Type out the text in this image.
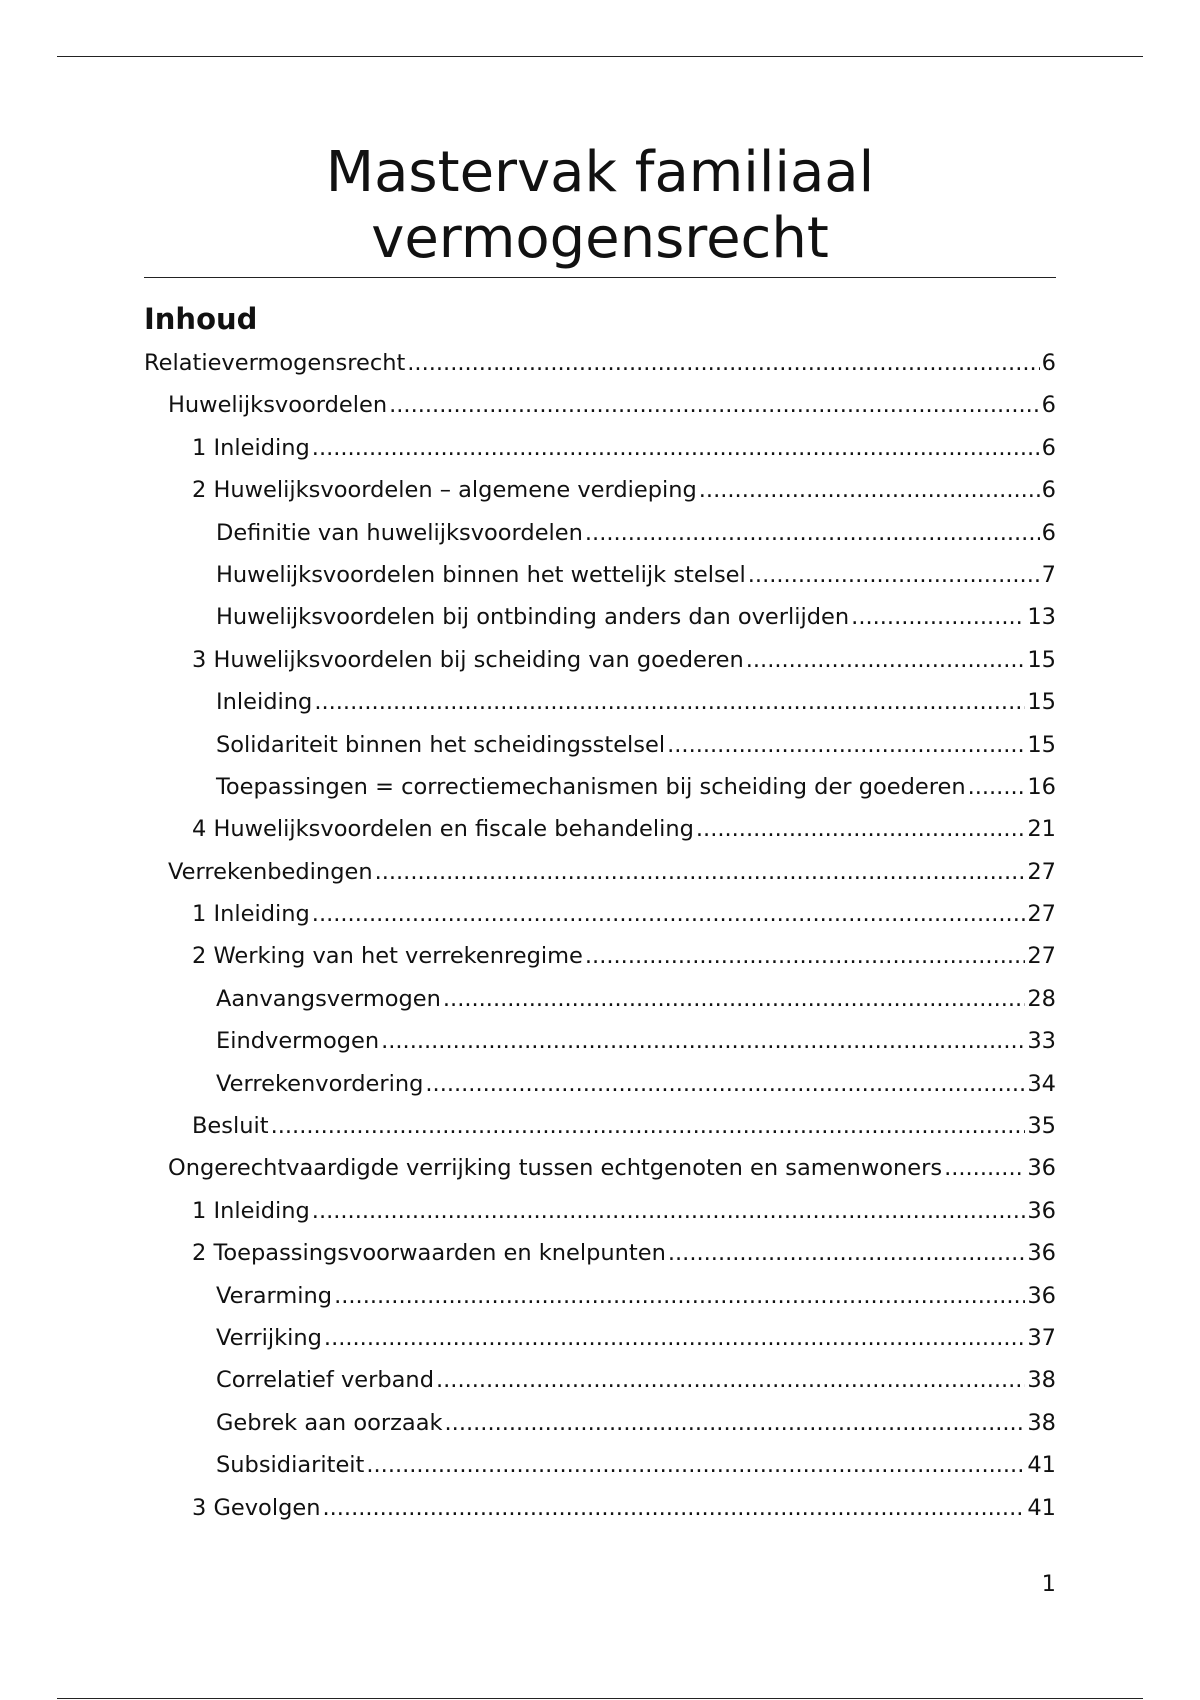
Mastervak familiaal
vermogensrecht
Inhoud
Relatievermogensrecht .....	6
Huwelijksvoordelen .....	6
1 Inleiding .....	6
2 Huwelijksvoordelen – algemene verdieping .....	6
Definitie van huwelijksvoordelen .....	6
Huwelijksvoordelen binnen het wettelijk stelsel .....	7
Huwelijksvoordelen bij ontbinding anders dan overlijden .....	13
3 Huwelijksvoordelen bij scheiding van goederen .....	15
Inleiding .....	15
Solidariteit binnen het scheidingsstelsel .....	15
Toepassingen = correctiemechanismen bij scheiding der goederen .....	16
4 Huwelijksvoordelen en fiscale behandeling .....	21
Verrekenbedingen .....	27
1 Inleiding .....	27
2 Werking van het verrekenregime .....	27
Aanvangsvermogen .....	28
Eindvermogen .....	33
Verrekenvordering .....	34
Besluit .....	35
Ongerechtvaardigde verrijking tussen echtgenoten en samenwoners .....	36
1 Inleiding .....	36
2 Toepassingsvoorwaarden en knelpunten .....	36
Verarming .....	36
Verrijking .....	37
Correlatief verband .....	38
Gebrek aan oorzaak .....	38
Subsidiariteit .....	41
3 Gevolgen .....	41
1
